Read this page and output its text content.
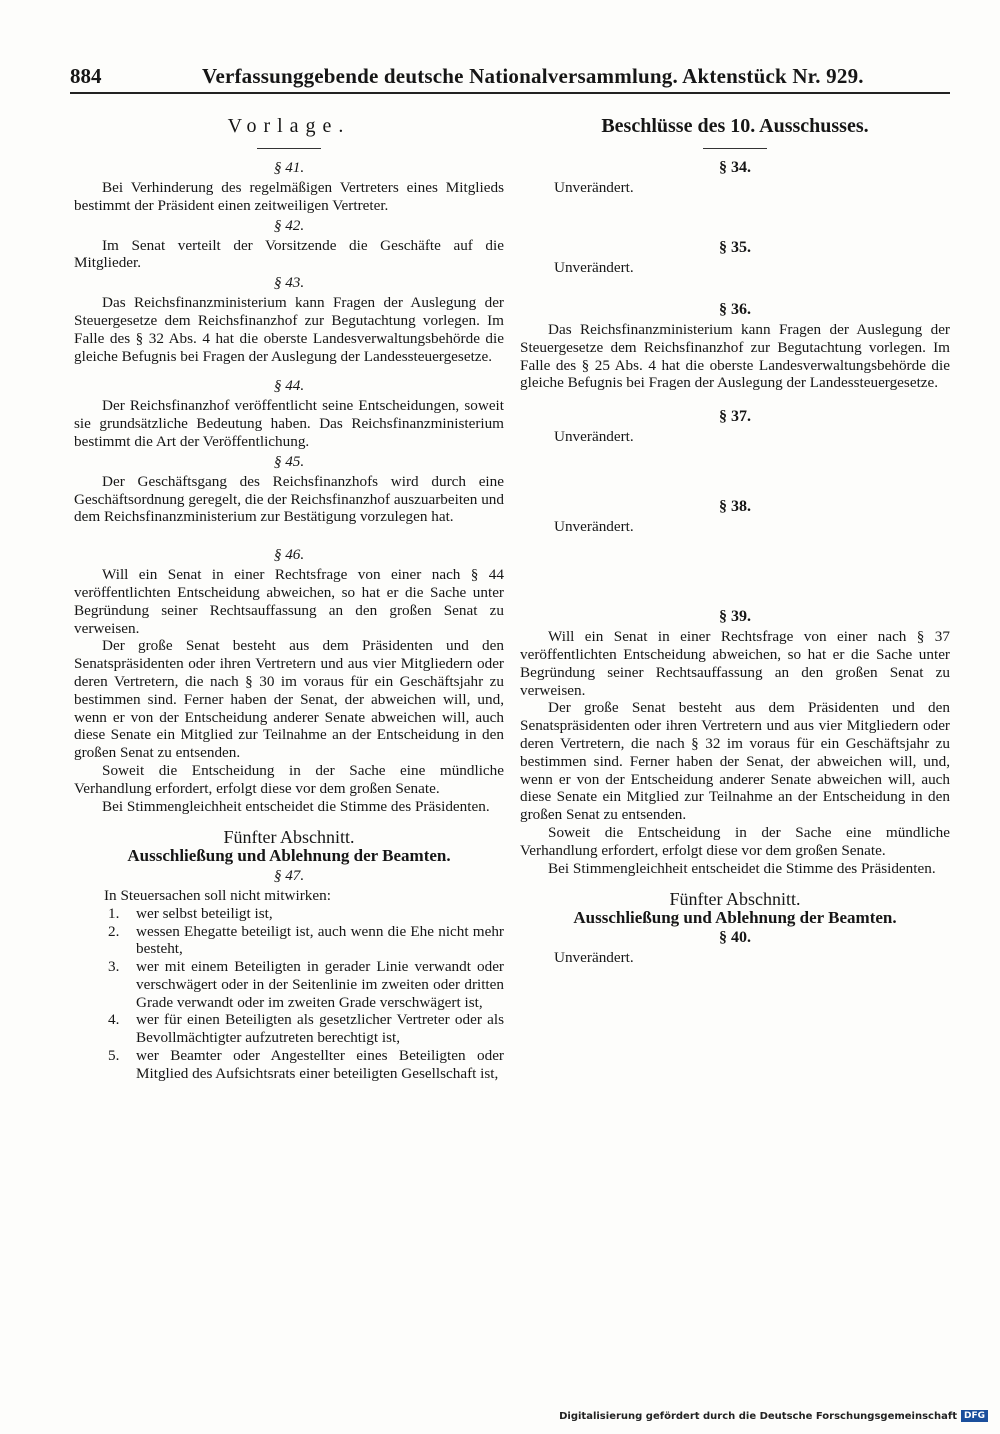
884	Verfassunggebende deutsche Nationalversammlung. Aktenstück Nr. 929.
Vorlage.
§ 41.

Bei Verhinderung des regelmäßigen Vertreters eines Mitglieds bestimmt der Präsident einen zeitweiligen Vertreter.

§ 42.

Im Senat verteilt der Vorsitzende die Geschäfte auf die Mitglieder.

§ 43.

Das Reichsfinanzministerium kann Fragen der Auslegung der Steuergesetze dem Reichsfinanzhof zur Begutachtung vorlegen. Im Falle des § 32 Abs. 4 hat die oberste Landesverwaltungsbehörde die gleiche Befugnis bei Fragen der Auslegung der Landessteuergesetze.

§ 44.

Der Reichsfinanzhof veröffentlicht seine Entscheidungen, soweit sie grundsätzliche Bedeutung haben. Das Reichsfinanzministerium bestimmt die Art der Veröffentlichung.

§ 45.

Der Geschäftsgang des Reichsfinanzhofs wird durch eine Geschäftsordnung geregelt, die der Reichsfinanzhof auszuarbeiten und dem Reichsfinanzministerium zur Bestätigung vorzulegen hat.

§ 46.

Will ein Senat in einer Rechtsfrage von einer nach § 44 veröffentlichten Entscheidung abweichen, so hat er die Sache unter Begründung seiner Rechtsauffassung an den großen Senat zu verweisen.

Der große Senat besteht aus dem Präsidenten und den Senatspräsidenten oder ihren Vertretern und aus vier Mitgliedern oder deren Vertretern, die nach § 30 im voraus für ein Geschäftsjahr zu bestimmen sind. Ferner haben der Senat, der abweichen will, und, wenn er von der Entscheidung anderer Senate abweichen will, auch diese Senate ein Mitglied zur Teilnahme an der Entscheidung in den großen Senat zu entsenden.

Soweit die Entscheidung in der Sache eine mündliche Verhandlung erfordert, erfolgt diese vor dem großen Senate.

Bei Stimmengleichheit entscheidet die Stimme des Präsidenten.

Fünfter Abschnitt.
Ausschließung und Ablehnung der Beamten.
§ 47.
In Steuersachen soll nicht mitwirken:
1.	wer selbst beteiligt ist,
2.	wessen Ehegatte beteiligt ist, auch wenn die Ehe nicht mehr besteht,
3.	wer mit einem Beteiligten in gerader Linie verwandt oder verschwägert oder in der Seitenlinie im zweiten oder dritten Grade verwandt oder im zweiten Grade verschwägert ist,
4.	wer für einen Beteiligten als gesetzlicher Vertreter oder als Bevollmächtigter aufzutreten berechtigt ist,
5.	wer Beamter oder Angestellter eines Beteiligten oder Mitglied des Aufsichtsrats einer beteiligten Gesellschaft ist,
Beschlüsse des 10. Ausschusses.
§ 34.
Unverändert.
§ 35.
Unverändert.
§ 36.

Das Reichsfinanzministerium kann Fragen der Auslegung der Steuergesetze dem Reichsfinanzhof zur Begutachtung vorlegen. Im Falle des § 25 Abs. 4 hat die oberste Landesverwaltungsbehörde die gleiche Befugnis bei Fragen der Auslegung der Landessteuergesetze.

§ 37.
Unverändert.
§ 38.
Unverändert.
§ 39.

Will ein Senat in einer Rechtsfrage von einer nach § 37 veröffentlichten Entscheidung abweichen, so hat er die Sache unter Begründung seiner Rechtsauffassung an den großen Senat zu verweisen.

Der große Senat besteht aus dem Präsidenten und den Senatspräsidenten oder ihren Vertretern und aus vier Mitgliedern oder deren Vertretern, die nach § 32 im voraus für ein Geschäftsjahr zu bestimmen sind. Ferner haben der Senat, der abweichen will, und, wenn er von der Entscheidung anderer Senate abweichen will, auch diese Senate ein Mitglied zur Teilnahme an der Entscheidung in den großen Senat zu entsenden.

Soweit die Entscheidung in der Sache eine mündliche Verhandlung erfordert, erfolgt diese vor dem großen Senate.

Bei Stimmengleichheit entscheidet die Stimme des Präsidenten.

Fünfter Abschnitt.
Ausschließung und Ablehnung der Beamten.
§ 40.
Unverändert.
Digitalisierung gefördert durch die Deutsche Forschungsgemeinschaft DFG
